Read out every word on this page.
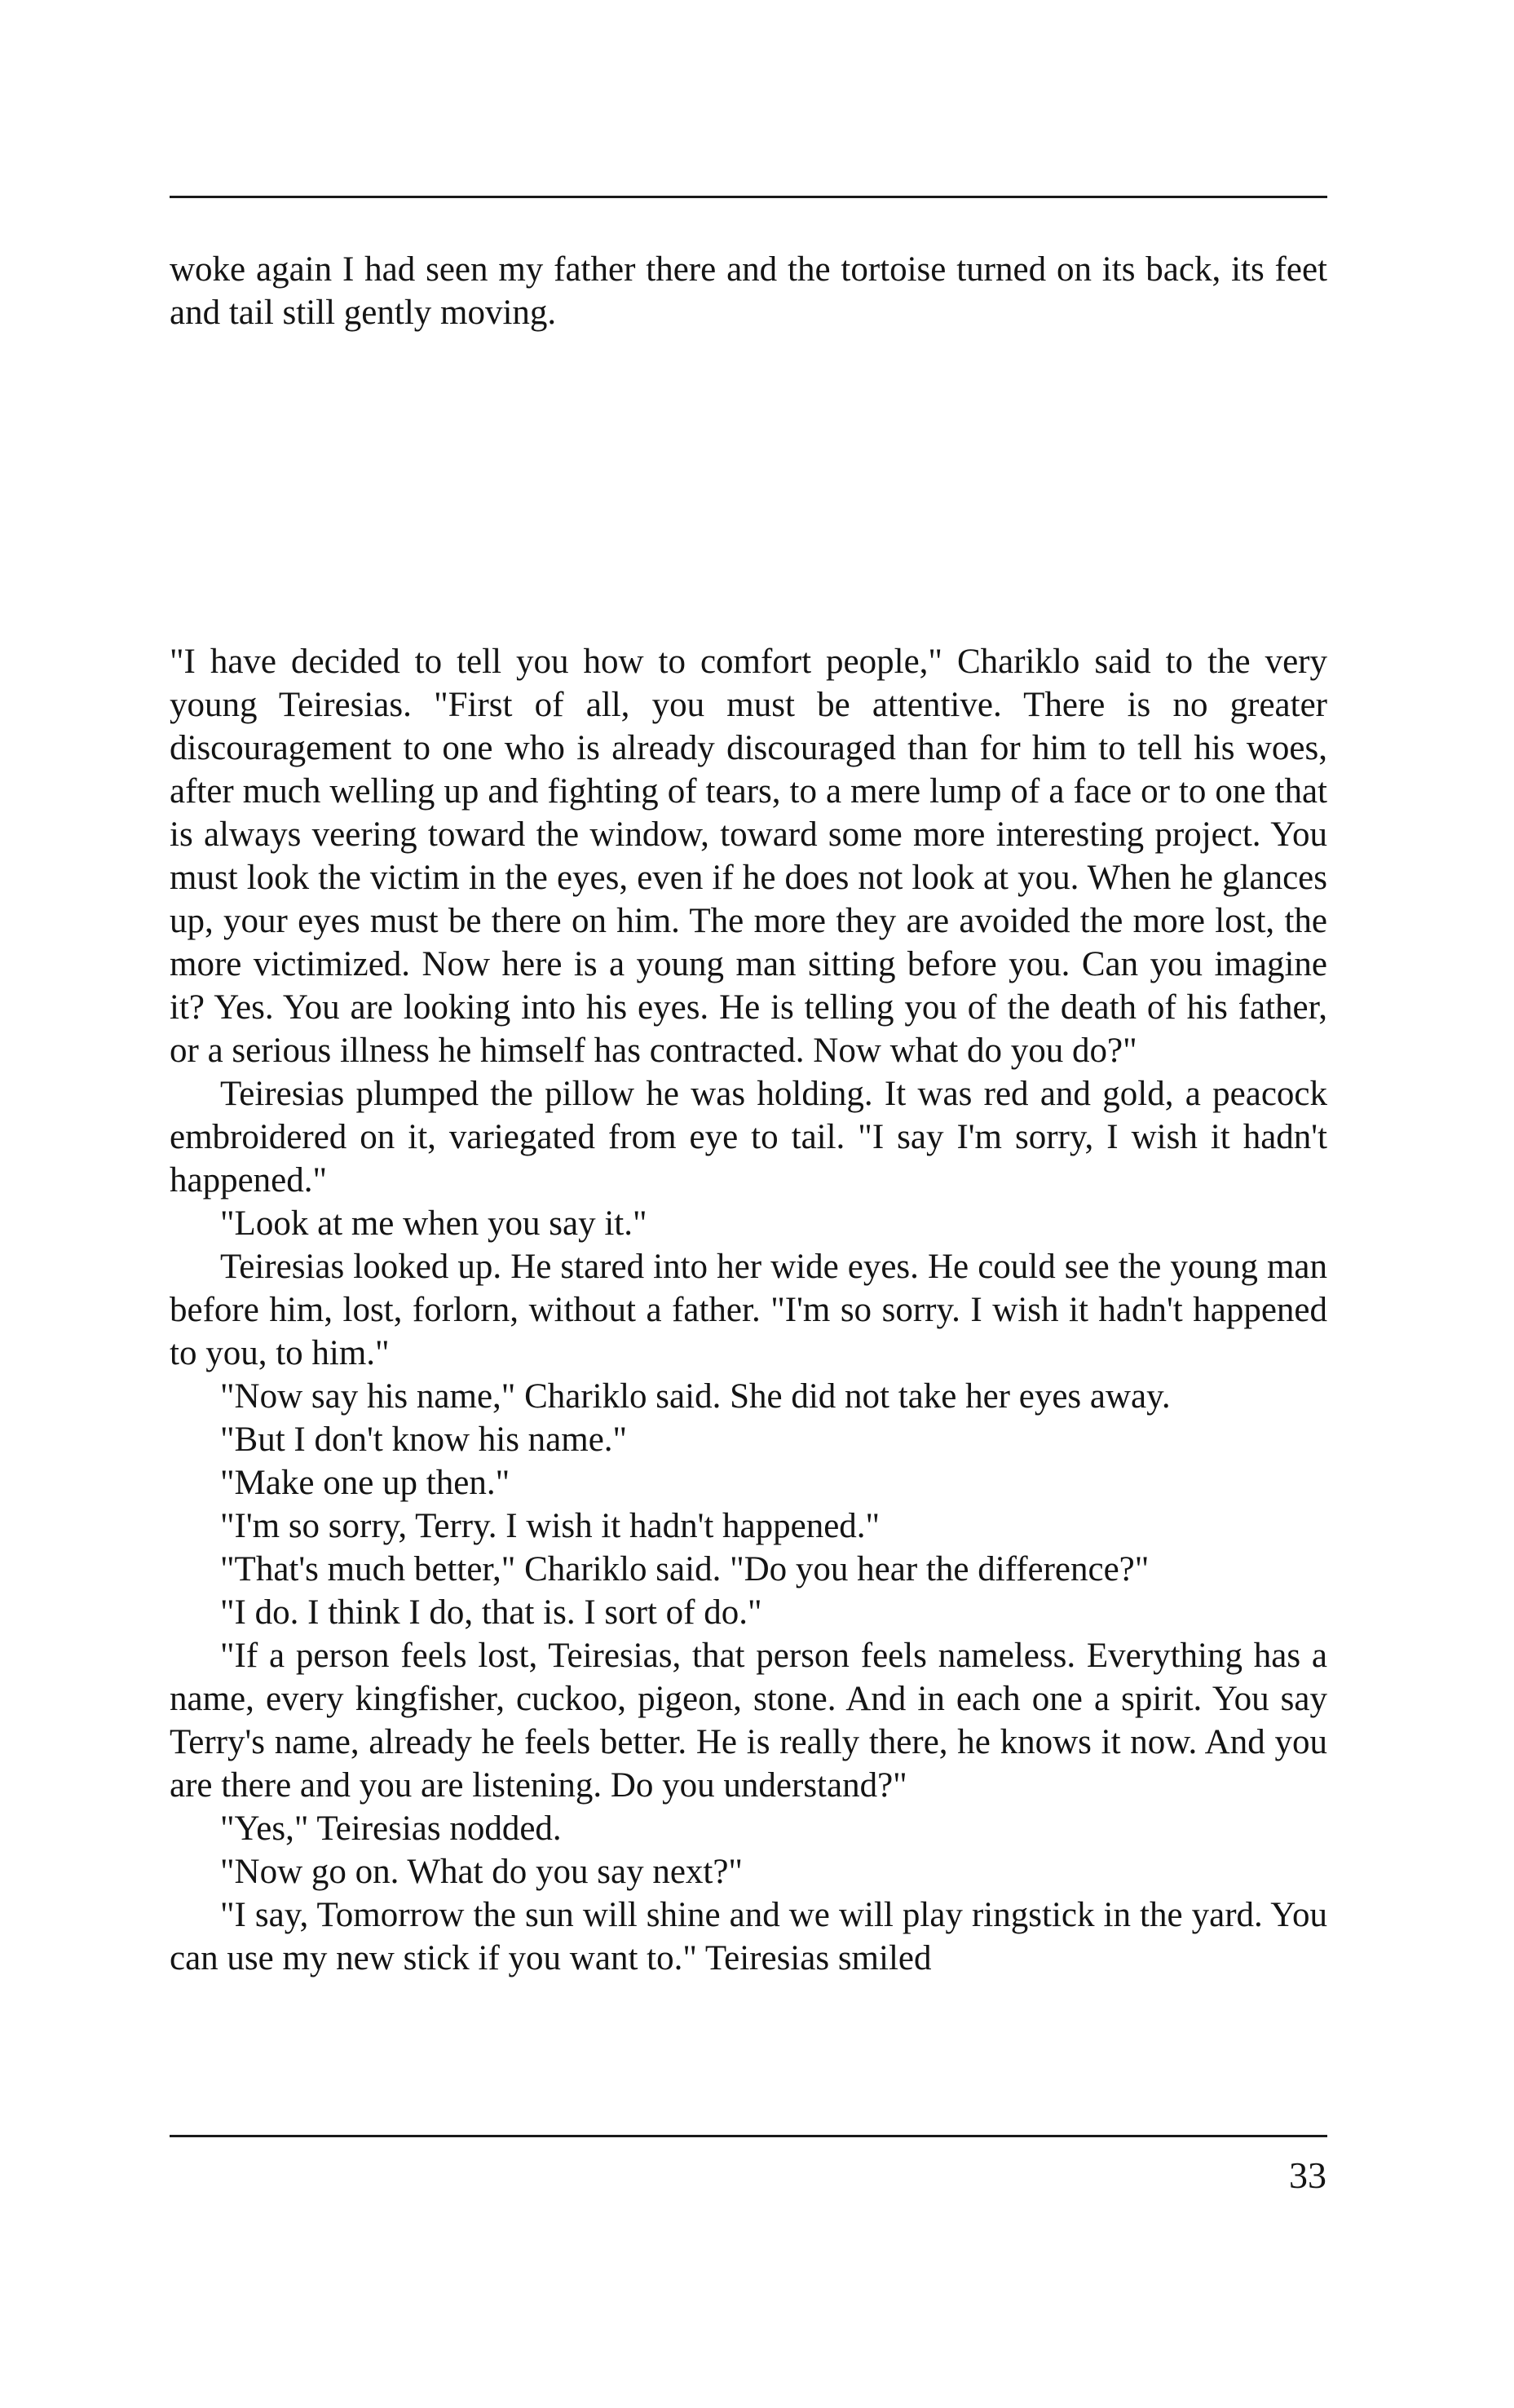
woke again I had seen my father there and the tortoise turned on its back, its feet and tail still gently moving.

"I have decided to tell you how to comfort people," Chariklo said to the very young Teiresias. "First of all, you must be attentive. There is no greater discouragement to one who is already discouraged than for him to tell his woes, after much welling up and fighting of tears, to a mere lump of a face or to one that is always veering toward the window, toward some more interesting project. You must look the victim in the eyes, even if he does not look at you. When he glances up, your eyes must be there on him. The more they are avoided the more lost, the more victimized. Now here is a young man sitting before you. Can you imagine it? Yes. You are looking into his eyes. He is telling you of the death of his father, or a serious illness he himself has contracted. Now what do you do?"

Teiresias plumped the pillow he was holding. It was red and gold, a peacock embroidered on it, variegated from eye to tail. "I say I'm sorry, I wish it hadn't happened."

"Look at me when you say it."

Teiresias looked up. He stared into her wide eyes. He could see the young man before him, lost, forlorn, without a father. "I'm so sorry. I wish it hadn't happened to you, to him."

"Now say his name," Chariklo said. She did not take her eyes away.

"But I don't know his name."

"Make one up then."

"I'm so sorry, Terry. I wish it hadn't happened."

"That's much better," Chariklo said. "Do you hear the difference?"

"I do. I think I do, that is. I sort of do."

"If a person feels lost, Teiresias, that person feels nameless. Everything has a name, every kingfisher, cuckoo, pigeon, stone. And in each one a spirit. You say Terry's name, already he feels better. He is really there, he knows it now. And you are there and you are listening. Do you understand?"

"Yes," Teiresias nodded.

"Now go on. What do you say next?"

"I say, Tomorrow the sun will shine and we will play ringstick in the yard. You can use my new stick if you want to." Teiresias smiled

33
